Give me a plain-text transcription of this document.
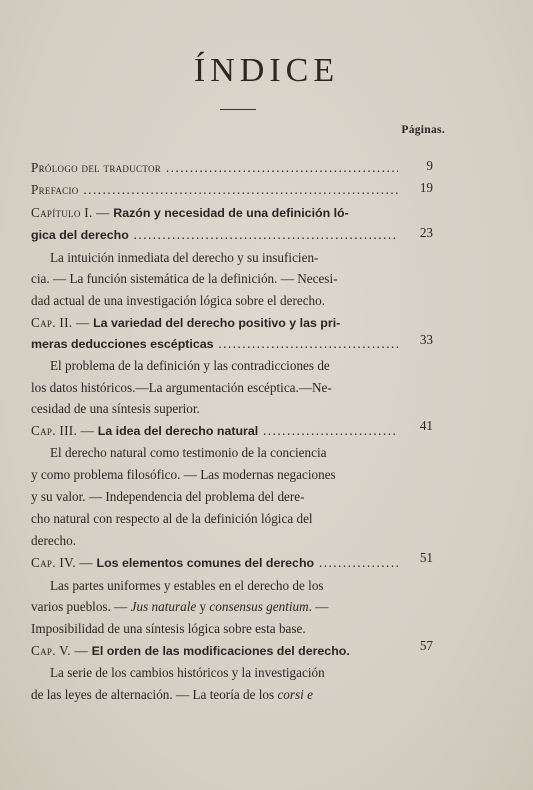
ÍNDICE
Páginas.
Prólogo del traductor .....	9
Prefacio .....	19
Capítulo I. — Razón y necesidad de una definición ló-
gica del derecho .....	23
La intuición inmediata del derecho y su insuficien-
cia. — La función sistemática de la definición. — Necesi-
dad actual de una investigación lógica sobre el derecho.
Cap. II. — La variedad del derecho positivo y las pri-
meras deducciones escépticas .....	33
El problema de la definición y las contradicciones de
los datos históricos.—La argumentación escéptica.—Ne-
cesidad de una síntesis superior.
Cap. III. — La idea del derecho natural .....	41
El derecho natural como testimonio de la conciencia
y como problema filosófico. — Las modernas negaciones
y su valor. — Independencia del problema del dere-
cho natural con respecto al de la definición lógica del
derecho.
Cap. IV. — Los elementos comunes del derecho .....	51
Las partes uniformes y estables en el derecho de los
varios pueblos. — Jus naturale y consensus gentium. —
Imposibilidad de una síntesis lógica sobre esta base.
Cap. V. — El orden de las modificaciones del derecho.	57
La serie de los cambios históricos y la investigación
de las leyes de alternación. — La teoría de los corsi e
